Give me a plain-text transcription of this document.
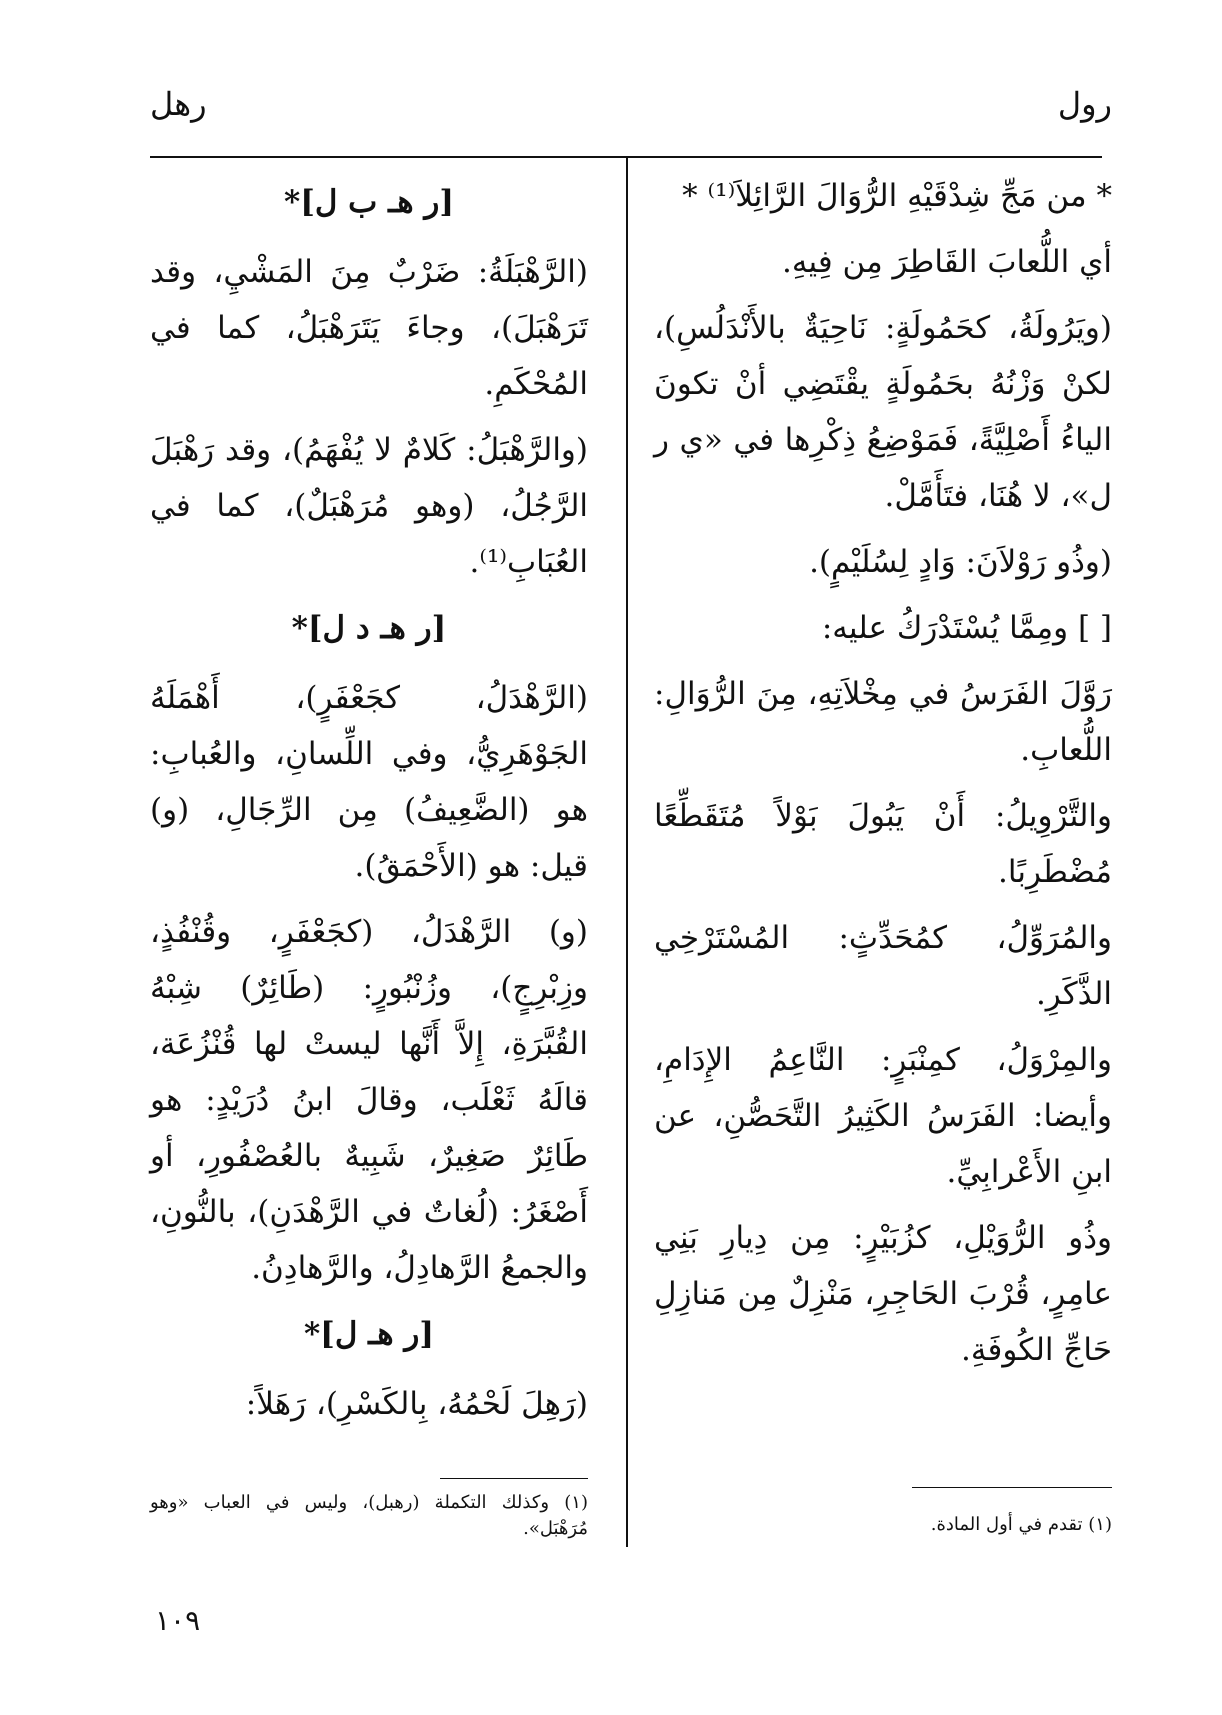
رول
رهل

* من مَجِّ شِدْقَيْهِ الرُّوَالَ الرَّائِلاَ⁽¹⁾ *

أي اللُّعابَ القَاطِرَ مِن فِيهِ.

(ويَرُولَةُ، كحَمُولَةٍ: نَاحِيَةٌ بالأَنْدَلُسِ)، لكنْ وَزْنُهُ بحَمُولَةٍ يقْتَضِي أنْ تكونَ الياءُ أَصْلِيَّةً، فَمَوْضِعُ ذِكْرِها في «ي ر ل»، لا هُنَا، فتَأَمَّلْ.

(وذُو رَوْلاَنَ: وَادٍ لِسُلَيْمٍ).

[ ] ومِمَّا يُسْتَدْرَكُ عليه:

رَوَّلَ الفَرَسُ في مِخْلاَتِهِ، مِنَ الرُّوَالِ: اللُّعابِ.

والتَّرْوِيلُ: أَنْ يَبُولَ بَوْلاً مُتَقَطِّعًا مُضْطَرِبًا.

والمُرَوِّلُ، كمُحَدِّثٍ: المُسْتَرْخِي الذَّكَرِ.

والمِرْوَلُ، كمِنْبَرٍ: النَّاعِمُ الإِدَامِ، وأيضا: الفَرَسُ الكَثِيرُ التَّحَصُّنِ، عن ابنِ الأَعْرابِيِّ.

وذُو الرُّوَيْلِ، كزُبَيْرٍ: مِن دِيارِ بَنِي عامِرٍ، قُرْبَ الحَاجِرِ، مَنْزِلٌ مِن مَنازِلِ حَاجِّ الكُوفَةِ.

[ر هـ ب ل]*

(الرَّهْبَلَةُ: ضَرْبٌ مِنَ المَشْيِ، وقد تَرَهْبَلَ)، وجاءَ يَتَرَهْبَلُ، كما في المُحْكَمِ.

(والرَّهْبَلُ: كَلامٌ لا يُفْهَمُ)، وقد رَهْبَلَ الرَّجُلُ، (وهو مُرَهْبَلٌ)، كما في العُبَابِ⁽¹⁾.

[ر هـ د ل]*

(الرَّهْدَلُ، كجَعْفَرٍ)، أَهْمَلَهُ الجَوْهَرِيُّ، وفي اللِّسانِ، والعُبابِ: هو (الضَّعِيفُ) مِن الرِّجَالِ، (و) قيل: هو (الأَحْمَقُ).

(و) الرَّهْدَلُ، (كجَعْفَرٍ، وقُنْفُذٍ، وزِبْرِجٍ)، وزُنْبُورٍ: (طَائِرٌ) شِبْهُ القُبَّرَةِ، إِلاَّ أَنَّها ليستْ لها قُنْزُعَة، قالَهُ ثَعْلَب، وقالَ ابنُ دُرَيْدٍ: هو طَائِرٌ صَغِيرٌ، شَبِيهٌ بالعُصْفُورِ، أو أَصْغَرُ: (لُغاتٌ في الرَّهْدَنِ)، بالنُّونِ، والجمعُ الرَّهادِلُ، والرَّهادِنُ.

[ر هـ ل]*

(رَهِلَ لَحْمُهُ، بِالكَسْرِ)، رَهَلاً:

(١) تقدم في أول المادة.
(١) وكذلك التكملة (رهبل)، وليس في العباب «وهو مُرَهْبَل».
١٠٩
